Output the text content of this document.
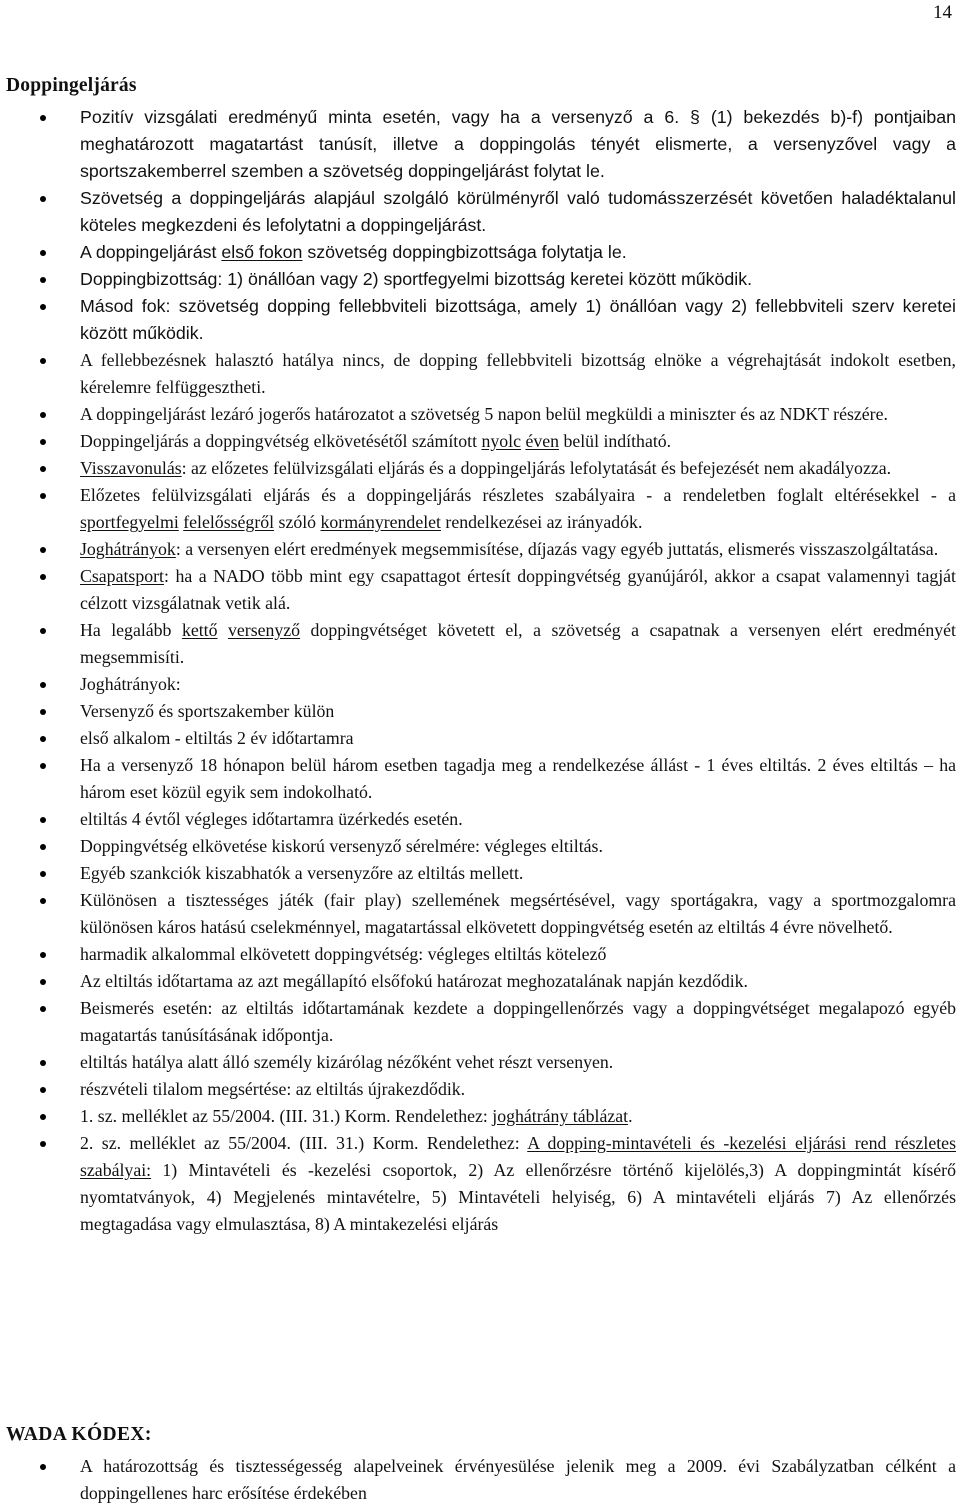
14
Doppingeljárás
Pozitív vizsgálati eredményű minta esetén, vagy ha a versenyző a 6. § (1) bekezdés b)-f) pontjaiban meghatározott magatartást tanúsít, illetve a doppingolás tényét elismerte, a versenyzővel vagy a sportszakemberrel szemben a szövetség doppingeljárást folytat le.
Szövetség a doppingeljárás alapjául szolgáló körülményről való tudomásszerzését követően haladéktalanul köteles megkezdeni és lefolytatni a doppingeljárást.
A doppingeljárást első fokon szövetség doppingbizottsága folytatja le.
Doppingbizottság: 1) önállóan vagy 2) sportfegyelmi bizottság keretei között működik.
Másod fok: szövetség dopping fellebbviteli bizottsága, amely 1) önállóan vagy 2) fellebbviteli szerv keretei között működik.
A fellebbezésnek halasztó hatálya nincs, de dopping fellebbviteli bizottság elnöke a végrehajtását indokolt esetben, kérelemre felfüggesztheti.
A doppingeljárást lezáró jogerős határozatot a szövetség 5 napon belül megküldi a miniszter és az NDKT részére.
Doppingeljárás a doppingvétség elkövetésétől számított nyolc éven belül indítható.
Visszavonulás: az előzetes felülvizsgálati eljárás és a doppingeljárás lefolytatását és befejezését nem akadályozza.
Előzetes felülvizsgálati eljárás és a doppingeljárás részletes szabályaira - a rendeletben foglalt eltérésekkel - a sportfegyelmi felelősségről szóló kormányrendelet rendelkezései az irányadók.
Joghátrányok: a versenyen elért eredmények megsemmisítése, díjazás vagy egyéb juttatás, elismerés visszaszolgáltatása.
Csapatsport: ha a NADO több mint egy csapattagot értesít doppingvétség gyanújáról, akkor a csapat valamennyi tagját célzott vizsgálatnak vetik alá.
Ha legalább kettő versenyző doppingvétséget követett el, a szövetség a csapatnak a versenyen elért eredményét megsemmisíti.
Joghátrányok:
Versenyző és sportszakember külön
első alkalom - eltiltás 2 év időtartamra
Ha a versenyző 18 hónapon belül három esetben tagadja meg a rendelkezése állást - 1 éves eltiltás. 2 éves eltiltás – ha három eset közül egyik sem indokolható.
eltiltás 4 évtől végleges időtartamra üzérkedés esetén.
Doppingvétség elkövetése kiskorú versenyző sérelmére: végleges eltiltás.
Egyéb szankciók kiszabhatók a versenyzőre az eltiltás mellett.
Különösen a tisztességes játék (fair play) szellemének megsértésével, vagy sportágakra, vagy a sportmozgalomra különösen káros hatású cselekménnyel, magatartással elkövetett doppingvétség esetén az eltiltás 4 évre növelhető.
harmadik alkalommal elkövetett doppingvétség: végleges eltiltás kötelező
Az eltiltás időtartama az azt megállapító elsőfokú határozat meghozatalának napján kezdődik.
Beismerés esetén: az eltiltás időtartamának kezdete a doppingellenőrzés vagy a doppingvétséget megalapozó egyéb magatartás tanúsításának időpontja.
eltiltás hatálya alatt álló személy kizárólag nézőként vehet részt versenyen.
részvételi tilalom megsértése: az eltiltás újrakezdődik.
1. sz. melléklet az 55/2004. (III. 31.) Korm. Rendelethez: joghátrány táblázat.
2. sz. melléklet az 55/2004. (III. 31.) Korm. Rendelethez: A dopping-mintavételi és -kezelési eljárási rend részletes szabályai: 1) Mintavételi és -kezelési csoportok, 2) Az ellenőrzésre történő kijelölés,3) A doppingmintát kísérő nyomtatványok, 4) Megjelenés mintavételre, 5) Mintavételi helyiség, 6) A mintavételi eljárás 7) Az ellenőrzés megtagadása vagy elmulasztása, 8) A mintakezelési eljárás
WADA KÓDEX:
A határozottság és tisztességesség alapelveinek érvényesülése jelenik meg a 2009. évi Szabályzatban célként a doppingellenes harc erősítése érdekében
